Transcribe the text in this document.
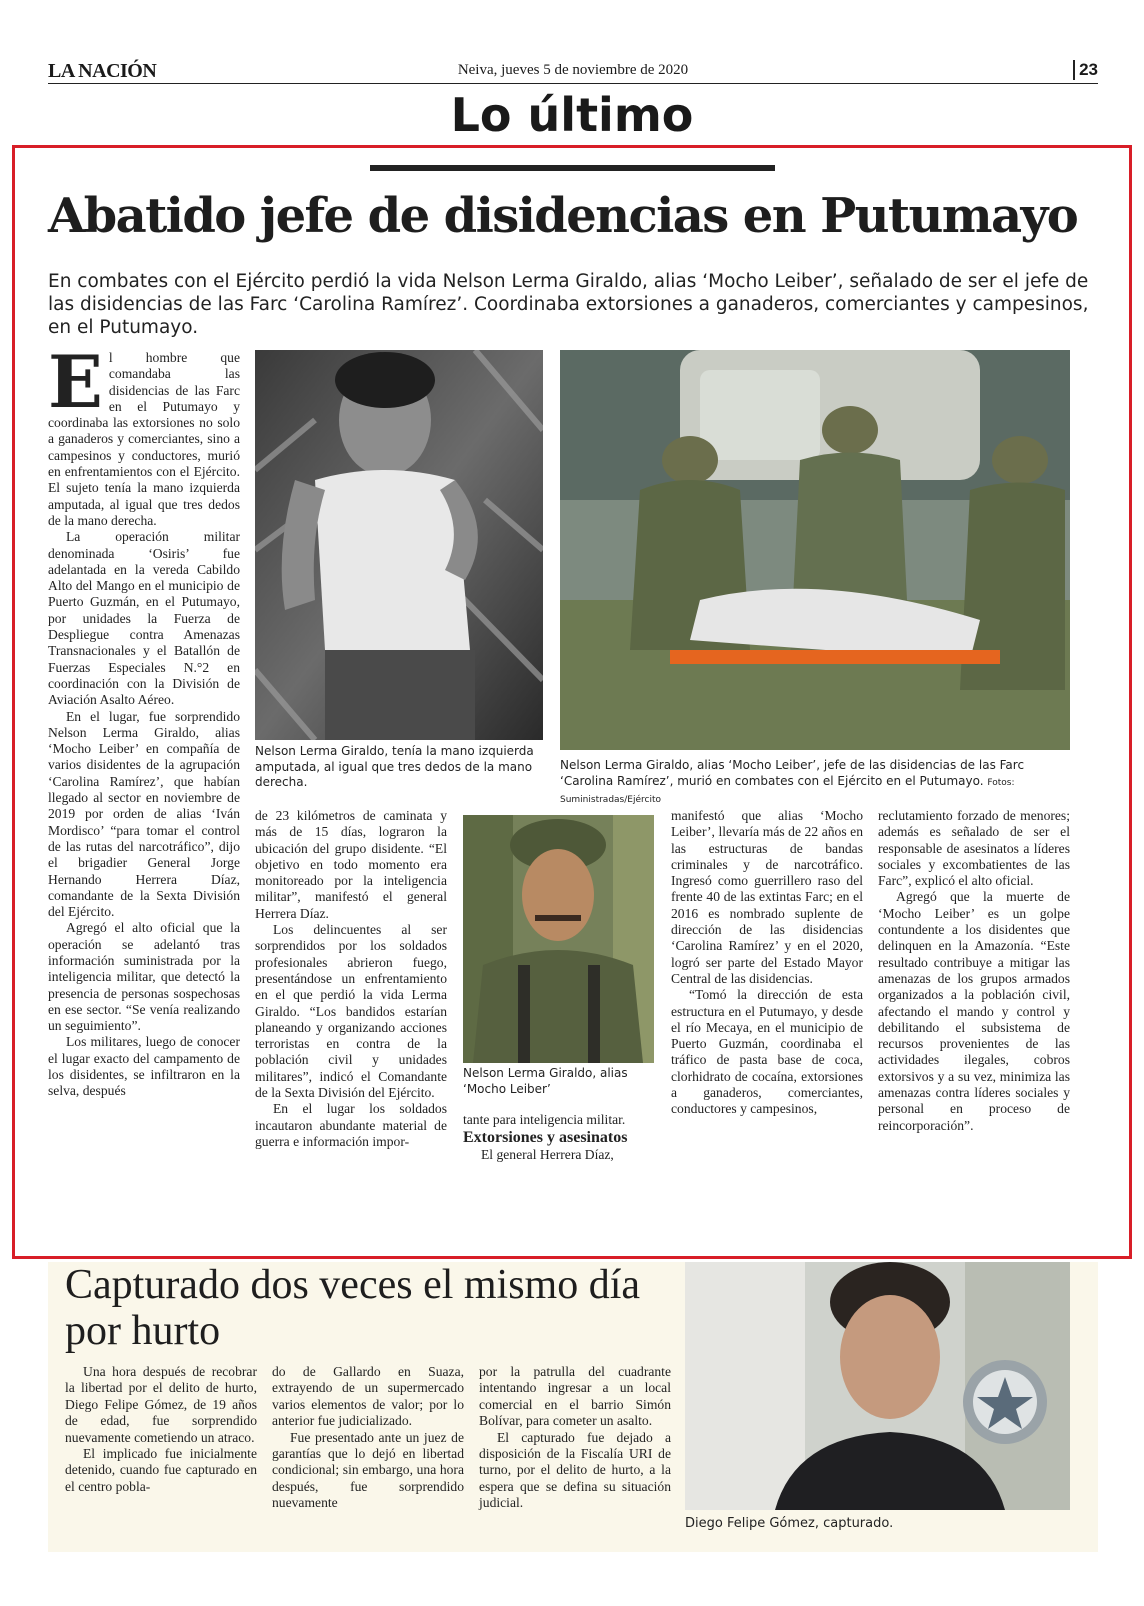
LA NACIÓN	Neiva, jueves 5 de noviembre de 2020	23
Lo último
Abatido jefe de disidencias en Putumayo
En combates con el Ejército perdió la vida Nelson Lerma Giraldo, alias ‘Mocho Leiber’, señalado de ser el jefe de las disidencias de las Farc ‘Carolina Ramírez’. Coordinaba extorsiones a ganaderos, comerciantes y campesinos, en el Putumayo.

El hombre que comandaba las disidencias de las Farc en el Putumayo y coordinaba las extorsiones no solo a ganaderos y comerciantes, sino a campesinos y conductores, murió en enfrentamientos con el Ejército. El sujeto tenía la mano izquierda amputada, al igual que tres dedos de la mano derecha.

La operación militar denominada ‘Osiris’ fue adelantada en la vereda Cabildo Alto del Mango en el municipio de Puerto Guzmán, en el Putumayo, por unidades la Fuerza de Despliegue contra Amenazas Transnacionales y el Batallón de Fuerzas Especiales N.°2 en coordinación con la División de Aviación Asalto Aéreo.

En el lugar, fue sorprendido Nelson Lerma Giraldo, alias ‘Mocho Leiber’ en compañía de varios disidentes de la agrupación ‘Carolina Ramírez’, que habían llegado al sector en noviembre de 2019 por orden de alias ‘Iván Mordisco’ “para tomar el control de las rutas del narcotráfico”, dijo el brigadier General Jorge Hernando Herrera Díaz, comandante de la Sexta División del Ejército.

Agregó el alto oficial que la operación se adelantó tras información suministrada por la inteligencia militar, que detectó la presencia de personas sospechosas en ese sector. “Se venía realizando un seguimiento”.

Los militares, luego de conocer el lugar exacto del campamento de los disidentes, se infiltraron en la selva, después

Nelson Lerma Giraldo, tenía la mano izquierda amputada, al igual que tres dedos de la mano derecha.
Nelson Lerma Giraldo, alias ‘Mocho Leiber’, jefe de las disidencias de las Farc ‘Carolina Ramírez’, murió en combates con el Ejército en el Putumayo. Fotos: Suministradas/Ejército

de 23 kilómetros de caminata y más de 15 días, lograron la ubicación del grupo disidente. “El objetivo en todo momento era monitoreado por la inteligencia militar”, manifestó el general Herrera Díaz.

Los delincuentes al ser sorprendidos por los soldados profesionales abrieron fuego, presentándose un enfrentamiento en el que perdió la vida Lerma Giraldo. “Los bandidos estarían planeando y organizando acciones terroristas en contra de la población civil y unidades militares”, indicó el Comandante de la Sexta División del Ejército.

En el lugar los soldados incautaron abundante material de guerra e información impor-

Nelson Lerma Giraldo, alias ‘Mocho Leiber’

tante para inteligencia militar.

Extorsiones y asesinatos

El general Herrera Díaz,

manifestó que alias ‘Mocho Leiber’, llevaría más de 22 años en las estructuras de bandas criminales y de narcotráfico. Ingresó como guerrillero raso del frente 40 de las extintas Farc; en el 2016 es nombrado suplente de dirección de las disidencias ‘Carolina Ramírez’ y en el 2020, logró ser parte del Estado Mayor Central de las disidencias.

“Tomó la dirección de esta estructura en el Putumayo, y desde el río Mecaya, en el municipio de Puerto Guzmán, coordinaba el tráfico de pasta base de coca, clorhidrato de cocaína, extorsiones a ganaderos, comerciantes, conductores y campesinos,

reclutamiento forzado de menores; además es señalado de ser el responsable de asesinatos a líderes sociales y excombatientes de las Farc”, explicó el alto oficial.

Agregó que la muerte de ‘Mocho Leiber’ es un golpe contundente a los disidentes que delinquen en la Amazonía. “Este resultado contribuye a mitigar las amenazas de los grupos armados organizados a la población civil, afectando el mando y control y debilitando el subsistema de recursos provenientes de las actividades ilegales, cobros extorsivos y a su vez, minimiza las amenazas contra líderes sociales y personal en proceso de reincorporación”.

Capturado dos veces el mismo día por hurto

Una hora después de recobrar la libertad por el delito de hurto, Diego Felipe Gómez, de 19 años de edad, fue sorprendido nuevamente cometiendo un atraco.

El implicado fue inicialmente detenido, cuando fue capturado en el centro pobla-

do de Gallardo en Suaza, extrayendo de un supermercado varios elementos de valor; por lo anterior fue judicializado.

Fue presentado ante un juez de garantías que lo dejó en libertad condicional; sin embargo, una hora después, fue sorprendido nuevamente

por la patrulla del cuadrante intentando ingresar a un local comercial en el barrio Simón Bolívar, para cometer un asalto.

El capturado fue dejado a disposición de la Fiscalía URI de turno, por el delito de hurto, a la espera que se defina su situación judicial.

Diego Felipe Gómez, capturado.
